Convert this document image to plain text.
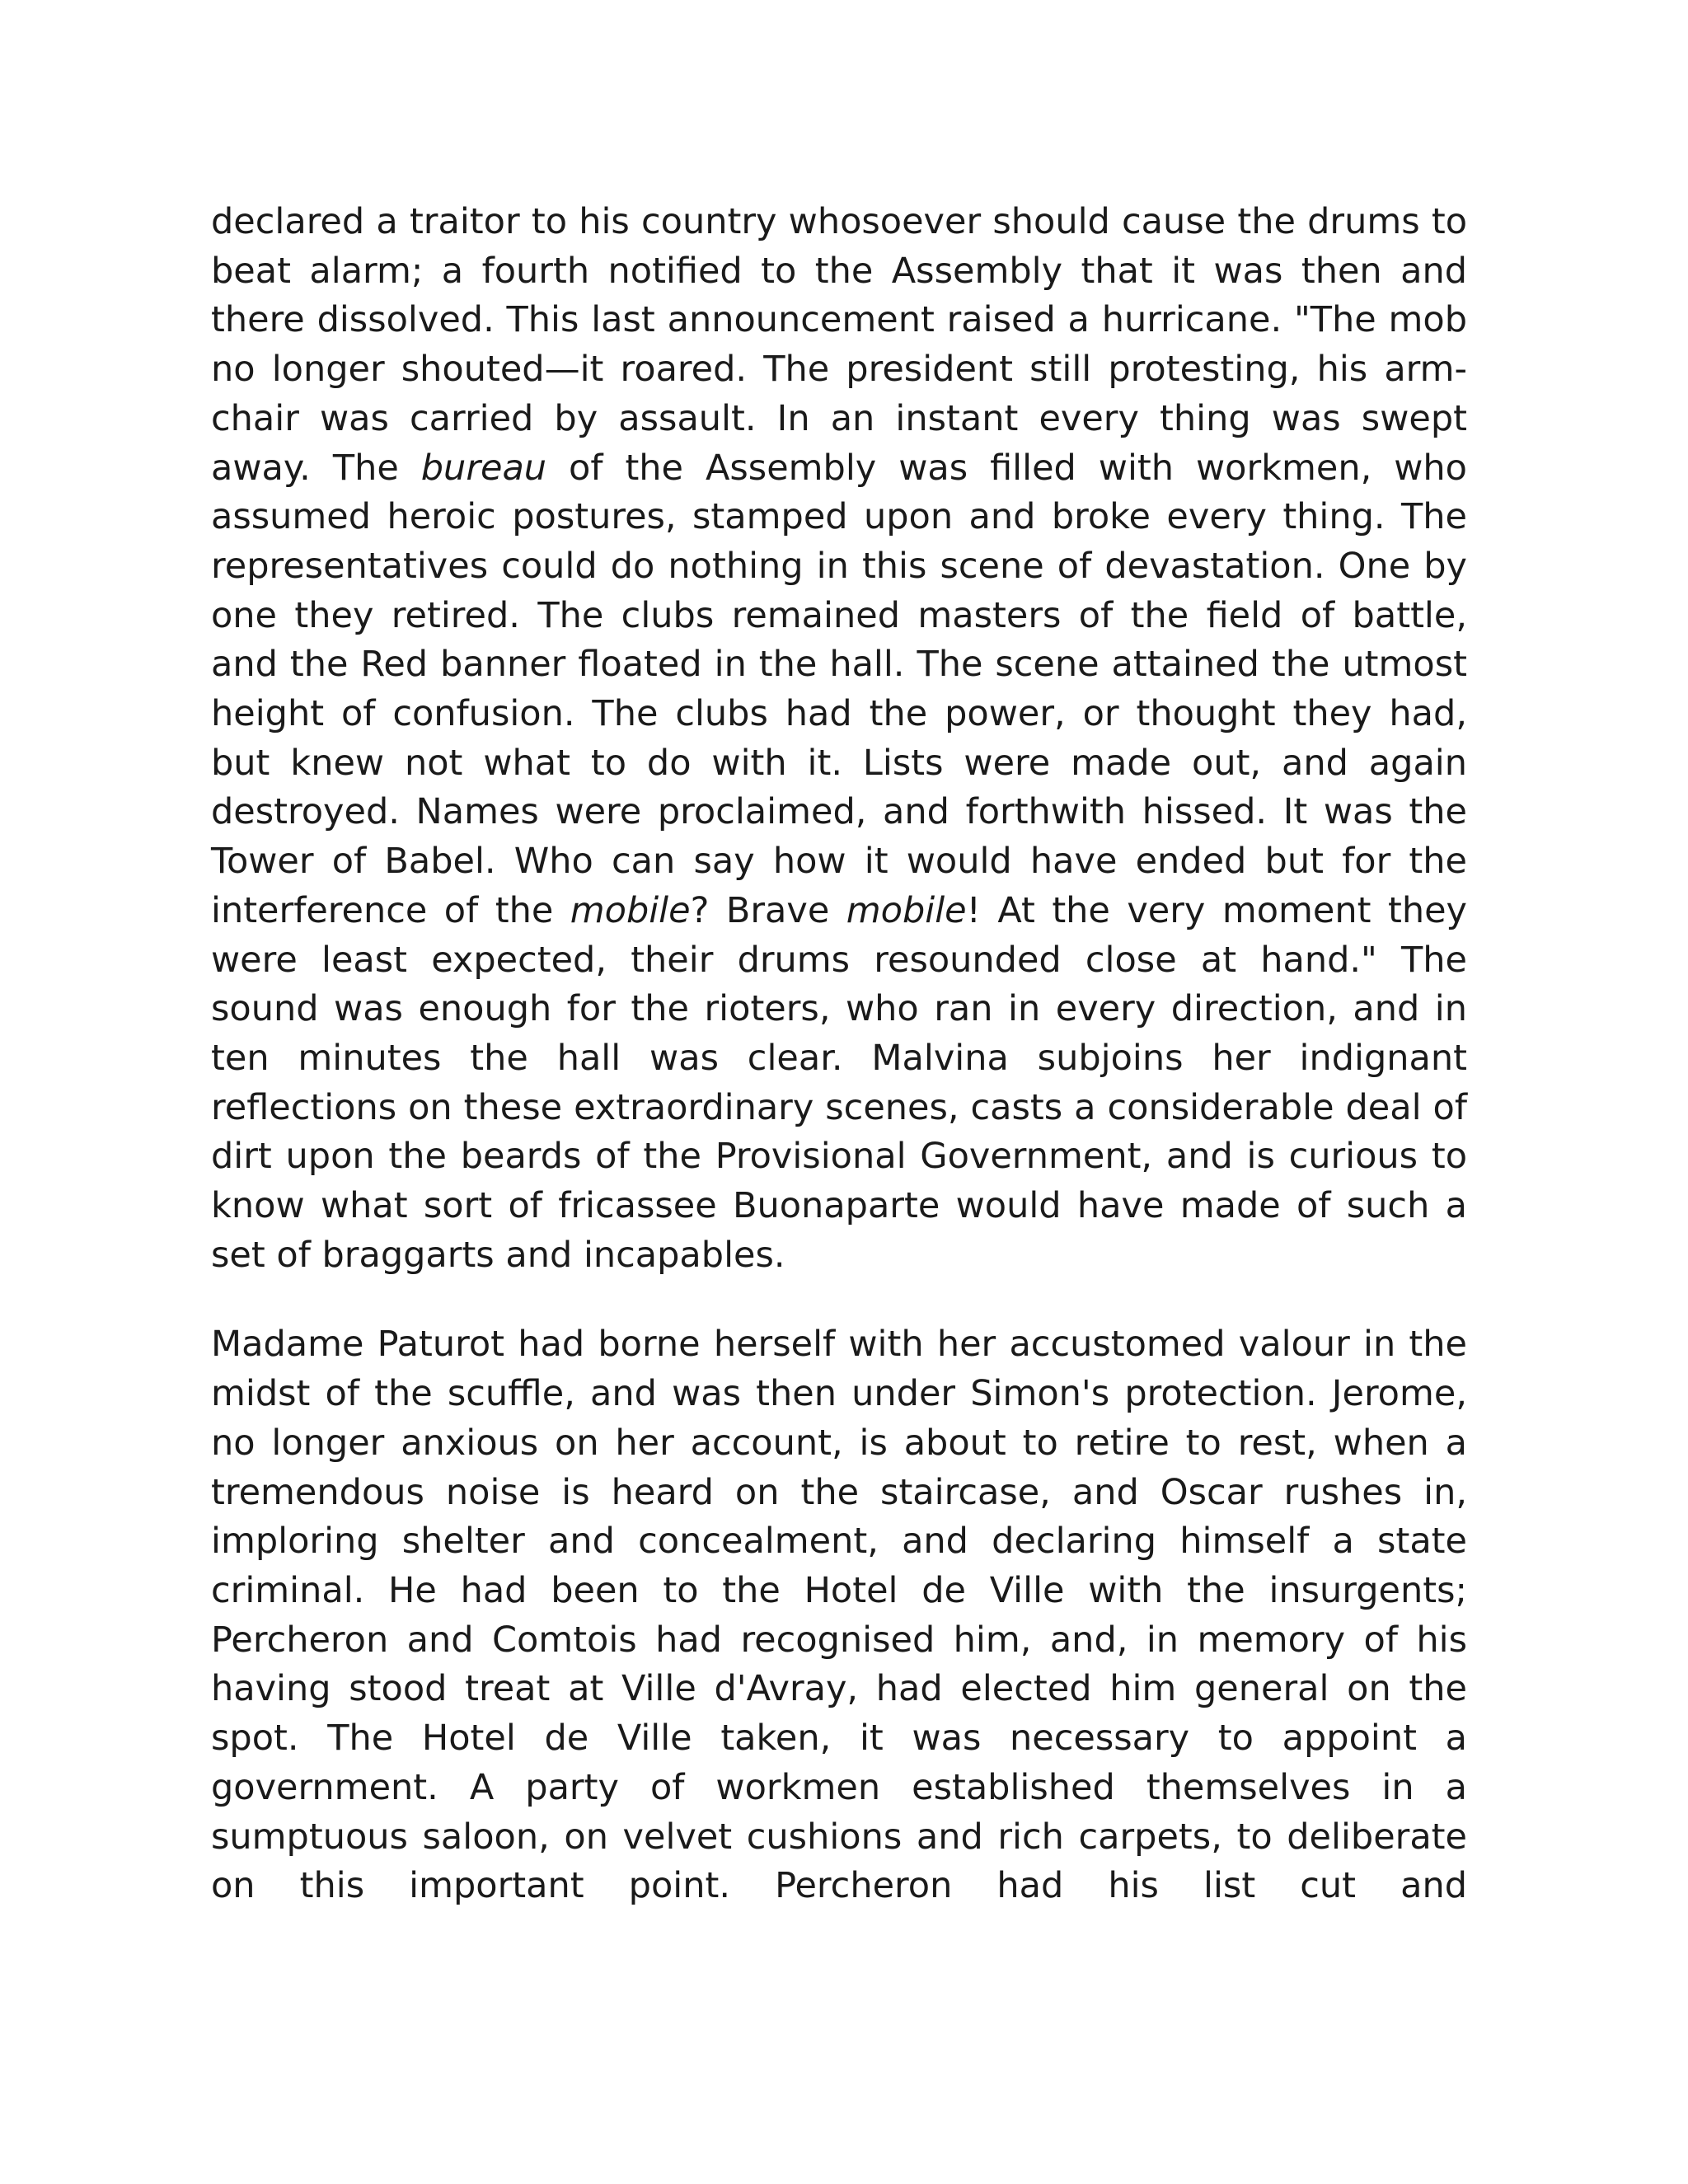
declared a traitor to his country whosoever should cause the drums to beat alarm; a fourth notified to the Assembly that it was then and there dissolved. This last announcement raised a hurricane. "The mob no longer shouted—it roared. The president still protesting, his arm-chair was carried by assault. In an instant every thing was swept away. The bureau of the Assembly was filled with workmen, who assumed heroic postures, stamped upon and broke every thing. The representatives could do nothing in this scene of devastation. One by one they retired. The clubs remained masters of the field of battle, and the Red banner floated in the hall. The scene attained the utmost height of confusion. The clubs had the power, or thought they had, but knew not what to do with it. Lists were made out, and again destroyed. Names were proclaimed, and forthwith hissed. It was the Tower of Babel. Who can say how it would have ended but for the interference of the mobile? Brave mobile! At the very moment they were least expected, their drums resounded close at hand." The sound was enough for the rioters, who ran in every direction, and in ten minutes the hall was clear. Malvina subjoins her indignant reflections on these extraordinary scenes, casts a considerable deal of dirt upon the beards of the Provisional Government, and is curious to know what sort of fricassee Buonaparte would have made of such a set of braggarts and incapables.

Madame Paturot had borne herself with her accustomed valour in the midst of the scuffle, and was then under Simon's protection. Jerome, no longer anxious on her account, is about to retire to rest, when a tremendous noise is heard on the staircase, and Oscar rushes in, imploring shelter and concealment, and declaring himself a state criminal. He had been to the Hotel de Ville with the insurgents; Percheron and Comtois had recognised him, and, in memory of his having stood treat at Ville d'Avray, had elected him general on the spot. The Hotel de Ville taken, it was necessary to appoint a government. A party of workmen established themselves in a sumptuous saloon, on velvet cushions and rich carpets, to deliberate on this important point. Percheron had his list cut and
